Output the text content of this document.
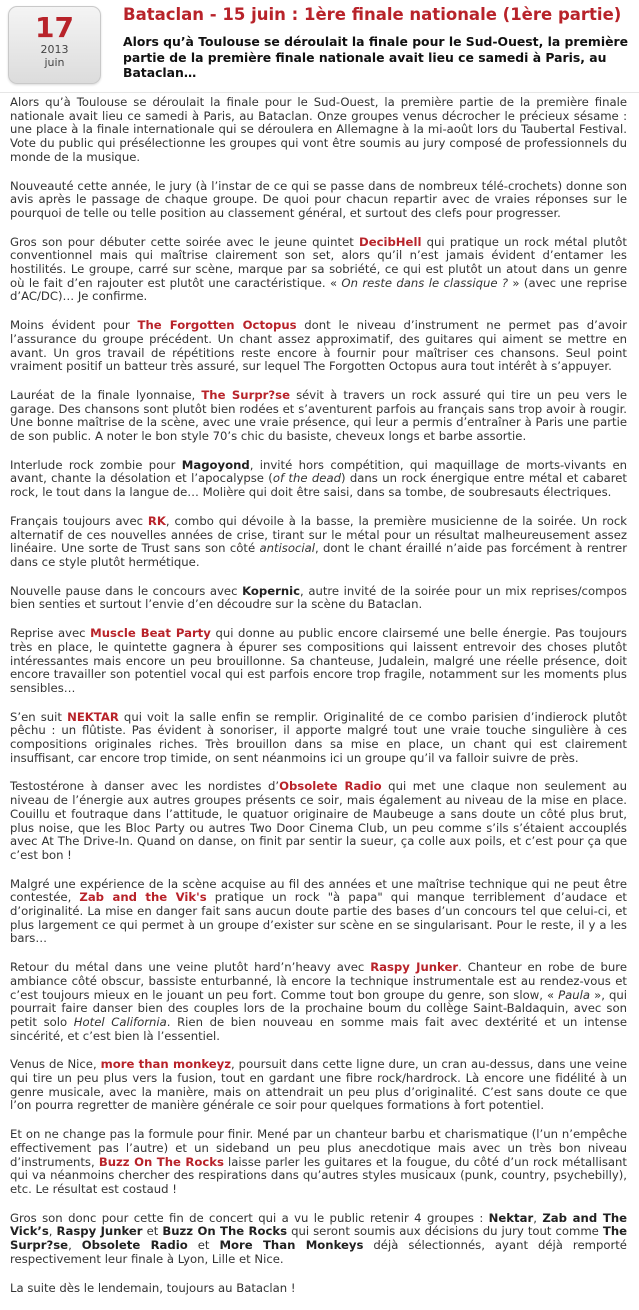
17
2013
juin
Bataclan - 15 juin : 1ère finale nationale (1ère partie)

Alors qu’à Toulouse se déroulait la finale pour le Sud-Ouest, la première partie de la première finale nationale avait lieu ce samedi à Paris, au Bataclan…

Alors qu’à Toulouse se déroulait la finale pour le Sud-Ouest, la première partie de la première finale nationale avait lieu ce samedi à Paris, au Bataclan. Onze groupes venus décrocher le précieux sésame : une place à la finale internationale qui se déroulera en Allemagne à la mi-août lors du Taubertal Festival. Vote du public qui présélectionne les groupes qui vont être soumis au jury composé de professionnels du monde de la musique.

Nouveauté cette année, le jury (à l’instar de ce qui se passe dans de nombreux télé-crochets) donne son avis après le passage de chaque groupe. De quoi pour chacun repartir avec de vraies réponses sur le pourquoi de telle ou telle position au classement général, et surtout des clefs pour progresser.

Gros son pour débuter cette soirée avec le jeune quintet DecibHell qui pratique un rock métal plutôt conventionnel mais qui maîtrise clairement son set, alors qu’il n’est jamais évident d’entamer les hostilités. Le groupe, carré sur scène, marque par sa sobriété, ce qui est plutôt un atout dans un genre où le fait d’en rajouter est plutôt une caractéristique. « On reste dans le classique ? » (avec une reprise d’AC/DC)… Je confirme.

Moins évident pour The Forgotten Octopus dont le niveau d’instrument ne permet pas d’avoir l’assurance du groupe précédent. Un chant assez approximatif, des guitares qui aiment se mettre en avant. Un gros travail de répétitions reste encore à fournir pour maîtriser ces chansons. Seul point vraiment positif un batteur très assuré, sur lequel The Forgotten Octopus aura tout intérêt à s’appuyer.

Lauréat de la finale lyonnaise, The Surpr?se sévit à travers un rock assuré qui tire un peu vers le garage. Des chansons sont plutôt bien rodées et s’aventurent parfois au français sans trop avoir à rougir. Une bonne maîtrise de la scène, avec une vraie présence, qui leur a permis d’entraîner à Paris une partie de son public. A noter le bon style 70’s chic du basiste, cheveux longs et barbe assortie.

Interlude rock zombie pour Magoyond, invité hors compétition, qui maquillage de morts-vivants en avant, chante la désolation et l’apocalypse (of the dead) dans un rock énergique entre métal et cabaret rock, le tout dans la langue de… Molière qui doit être saisi, dans sa tombe, de soubresauts électriques.

Français toujours avec RK, combo qui dévoile à la basse, la première musicienne de la soirée. Un rock alternatif de ces nouvelles années de crise, tirant sur le métal pour un résultat malheureusement assez linéaire. Une sorte de Trust sans son côté antisocial, dont le chant éraillé n’aide pas forcément à rentrer dans ce style plutôt hermétique.

Nouvelle pause dans le concours avec Kopernic, autre invité de la soirée pour un mix reprises/compos bien senties et surtout l’envie d’en découdre sur la scène du Bataclan.

Reprise avec Muscle Beat Party qui donne au public encore clairsemé une belle énergie. Pas toujours très en place, le quintette gagnera à épurer ses compositions qui laissent entrevoir des choses plutôt intéressantes mais encore un peu brouillonne. Sa chanteuse, Judalein, malgré une réelle présence, doit encore travailler son potentiel vocal qui est parfois encore trop fragile, notamment sur les moments plus sensibles…

S’en suit NEKTAR qui voit la salle enfin se remplir. Originalité de ce combo parisien d’indierock plutôt pêchu : un flûtiste. Pas évident à sonoriser, il apporte malgré tout une vraie touche singulière à ces compositions originales riches. Très brouillon dans sa mise en place, un chant qui est clairement insuffisant, car encore trop timide, on sent néanmoins ici un groupe qu’il va falloir suivre de près.

Testostérone à danser avec les nordistes d’Obsolete Radio qui met une claque non seulement au niveau de l’énergie aux autres groupes présents ce soir, mais également au niveau de la mise en place. Couillu et foutraque dans l’attitude, le quatuor originaire de Maubeuge a sans doute un côté plus brut, plus noise, que les Bloc Party ou autres Two Door Cinema Club, un peu comme s’ils s’étaient accouplés avec At The Drive-In. Quand on danse, on finit par sentir la sueur, ça colle aux poils, et c’est pour ça que c’est bon !

Malgré une expérience de la scène acquise au fil des années et une maîtrise technique qui ne peut être contestée, Zab and the Vik's pratique un rock "à papa" qui manque terriblement d’audace et d’originalité. La mise en danger fait sans aucun doute partie des bases d’un concours tel que celui-ci, et plus largement ce qui permet à un groupe d’exister sur scène en se singularisant. Pour le reste, il y a les bars…

Retour du métal dans une veine plutôt hard’n’heavy avec Raspy Junker. Chanteur en robe de bure ambiance côté obscur, bassiste enturbanné, là encore la technique instrumentale est au rendez-vous et c’est toujours mieux en le jouant un peu fort. Comme tout bon groupe du genre, son slow, « Paula », qui pourrait faire danser bien des couples lors de la prochaine boum du collège Saint-Baldaquin, avec son petit solo Hotel California. Rien de bien nouveau en somme mais fait avec dextérité et un intense sincérité, et c’est bien là l’essentiel.

Venus de Nice, more than monkeyz, poursuit dans cette ligne dure, un cran au-dessus, dans une veine qui tire un peu plus vers la fusion, tout en gardant une fibre rock/hardrock. Là encore une fidélité à un genre musicale, avec la manière, mais on attendrait un peu plus d’originalité. C’est sans doute ce que l’on pourra regretter de manière générale ce soir pour quelques formations à fort potentiel.

Et on ne change pas la formule pour finir. Mené par un chanteur barbu et charismatique (l’un n’empêche effectivement pas l’autre) et un sideband un peu plus anecdotique mais avec un très bon niveau d’instruments, Buzz On The Rocks laisse parler les guitares et la fougue, du côté d’un rock métallisant qui va néanmoins chercher des respirations dans qu’autres styles musicaux (punk, country, psychebilly), etc. Le résultat est costaud !

Gros son donc pour cette fin de concert qui a vu le public retenir 4 groupes : Nektar, Zab and The Vick’s, Raspy Junker et Buzz On The Rocks qui seront soumis aux décisions du jury tout comme The Surpr?se, Obsolete Radio et More Than Monkeys déjà sélectionnés, ayant déjà remporté respectivement leur finale à Lyon, Lille et Nice.

La suite dès le lendemain, toujours au Bataclan !
